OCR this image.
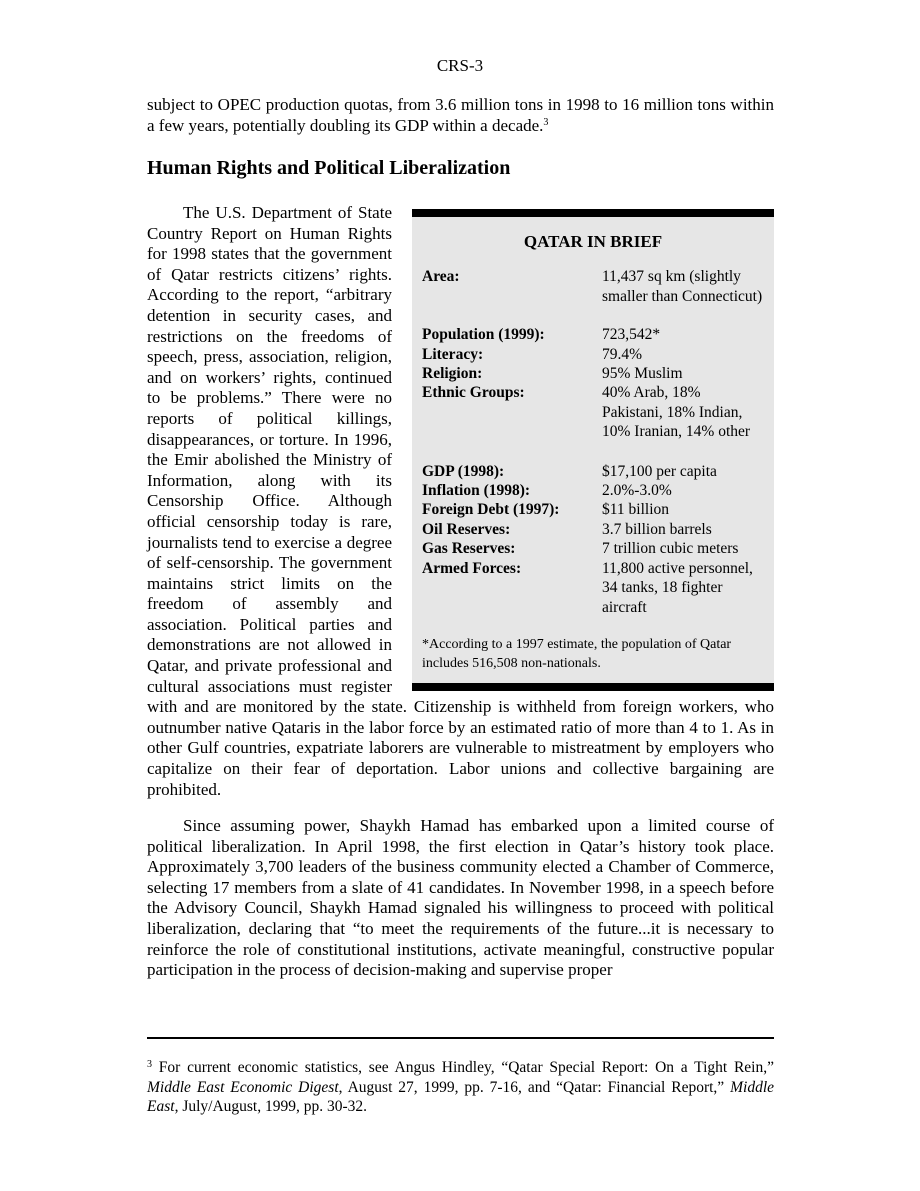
CRS-3
subject to OPEC production quotas, from 3.6 million tons in 1998 to 16 million tons within a few years, potentially doubling its GDP within a decade.$^3$
Human Rights and Political Liberalization
QATAR IN BRIEF
Area:	11,437 sq km (slightly smaller than Connecticut)
Population (1999):	723,542*
Literacy:	79.4%
Religion:	95% Muslim
Ethnic Groups:	40% Arab, 18% Pakistani, 18% Indian, 10% Iranian, 14% other
GDP (1998):	$17,100 per capita
Inflation (1998):	2.0%-3.0%
Foreign Debt (1997):	$11 billion
Oil Reserves:	3.7 billion barrels
Gas Reserves:	7 trillion cubic meters
Armed Forces:	11,800 active personnel, 34 tanks, 18 fighter aircraft
*According to a 1997 estimate, the population of Qatar includes 516,508 non-nationals.

The U.S. Department of State Country Report on Human Rights for 1998 states that the government of Qatar restricts citizens’ rights. According to the report, “arbitrary detention in security cases, and restrictions on the freedoms of speech, press, association, religion, and on workers’ rights, continued to be problems.” There were no reports of political killings, disappearances, or torture. In 1996, the Emir abolished the Ministry of Information, along with its Censorship Office. Although official censorship today is rare, journalists tend to exercise a degree of self-censorship. The government maintains strict limits on the freedom of assembly and association. Political parties and demonstrations are not allowed in Qatar, and private professional and cultural associations must register with and are monitored by the state. Citizenship is withheld from foreign workers, who outnumber native Qataris in the labor force by an estimated ratio of more than 4 to 1. As in other Gulf countries, expatriate laborers are vulnerable to mistreatment by employers who capitalize on their fear of deportation. Labor unions and collective bargaining are prohibited.

Since assuming power, Shaykh Hamad has embarked upon a limited course of political liberalization. In April 1998, the first election in Qatar’s history took place. Approximately 3,700 leaders of the business community elected a Chamber of Commerce, selecting 17 members from a slate of 41 candidates. In November 1998, in a speech before the Advisory Council, Shaykh Hamad signaled his willingness to proceed with political liberalization, declaring that “to meet the requirements of the future...it is necessary to reinforce the role of constitutional institutions, activate meaningful, constructive popular participation in the process of decision-making and supervise proper

$^3$ For current economic statistics, see Angus Hindley, “Qatar Special Report: On a Tight Rein,” Middle East Economic Digest, August 27, 1999, pp. 7-16, and “Qatar: Financial Report,” Middle East, July/August, 1999, pp. 30-32.
